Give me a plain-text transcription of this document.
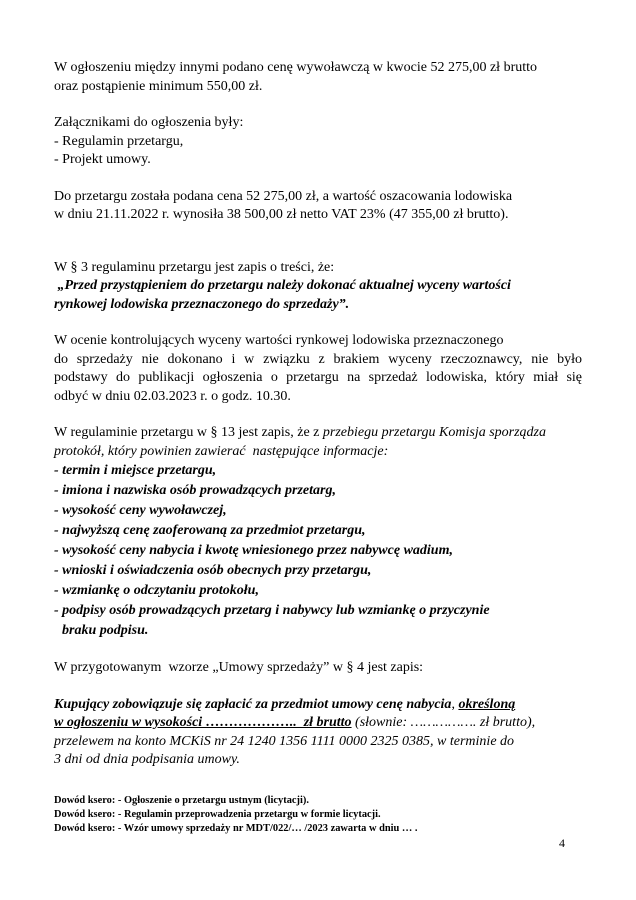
W ogłoszeniu między innymi podano cenę wywoławczą w kwocie 52 275,00 zł brutto

oraz postąpienie minimum 550,00 zł.

Załącznikami do ogłoszenia były:

- Regulamin przetargu,

- Projekt umowy.

Do przetargu została podana cena 52 275,00 zł, a wartość oszacowania lodowiska

w dniu 21.11.2022 r. wynosiła 38 500,00 zł netto VAT 23% (47 355,00 zł brutto).

W § 3 regulaminu przetargu jest zapis o treści, że:

„Przed przystąpieniem do przetargu należy dokonać aktualnej wyceny wartości

rynkowej lodowiska przeznaczonego do sprzedaży”.

W ocenie kontrolujących wyceny wartości rynkowej lodowiska przeznaczonego

do sprzedaży nie dokonano i w związku z brakiem wyceny rzeczoznawcy, nie było

podstawy do publikacji ogłoszenia o przetargu na sprzedaż lodowiska, który miał się

odbyć w dniu 02.03.2023 r. o godz. 10.30.

W regulaminie przetargu w § 13 jest zapis, że z przebiegu przetargu Komisja sporządza

protokół, który powinien zawierać  następujące informacje:

- termin i miejsce przetargu,

- imiona i nazwiska osób prowadzących przetarg,

- wysokość ceny wywoławczej,

- najwyższą cenę zaoferowaną za przedmiot przetargu,

- wysokość ceny nabycia i kwotę wniesionego przez nabywcę wadium,

- wnioski i oświadczenia osób obecnych przy przetargu,

- wzmiankę o odczytaniu protokołu,

- podpisy osób prowadzących przetarg i nabywcy lub wzmiankę o przyczynie

braku podpisu.

W przygotowanym  wzorze „Umowy sprzedaży” w § 4 jest zapis:

Kupujący zobowiązuje się zapłacić za przedmiot umowy cenę nabycia, określoną

w ogłoszeniu w wysokości ………………..  zł brutto (słownie: ……………. zł brutto),

przelewem na konto MCKiS nr 24 1240 1356 1111 0000 2325 0385, w terminie do

3 dni od dnia podpisania umowy.

Dowód ksero: - Ogłoszenie o przetargu ustnym (licytacji).

Dowód ksero: - Regulamin przeprowadzenia przetargu w formie licytacji.

Dowód ksero: - Wzór umowy sprzedaży nr MDT/022/… /2023 zawarta w dniu … .

4
